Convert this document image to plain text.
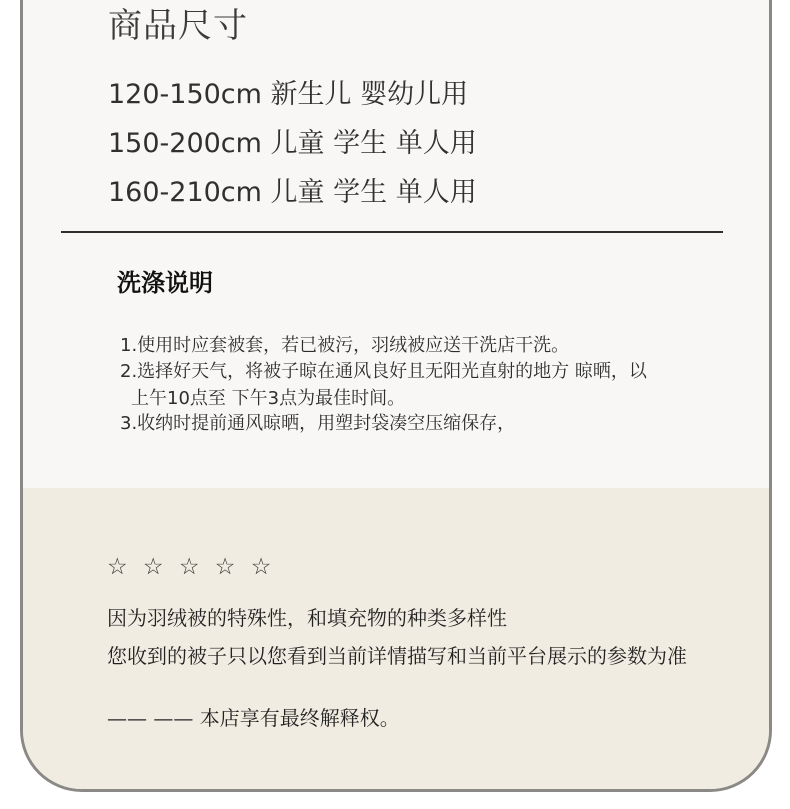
商品尺寸
120-150cm 新生儿 婴幼儿用
150-200cm 儿童 学生 单人用
160-210cm 儿童 学生 单人用
洗涤说明
1.使用时应套被套，若已被污，羽绒被应送干洗店干洗。
2.选择好天气，将被子晾在通风良好且无阳光直射的地方 晾晒，以
上午10点至 下午3点为最佳时间。
3.收纳时提前通风晾晒，用塑封袋凑空压缩保存，
☆ ☆ ☆ ☆ ☆
因为羽绒被的特殊性，和填充物的种类多样性
您收到的被子只以您看到当前详情描写和当前平台展示的参数为准
—— —— 本店享有最终解释权。
